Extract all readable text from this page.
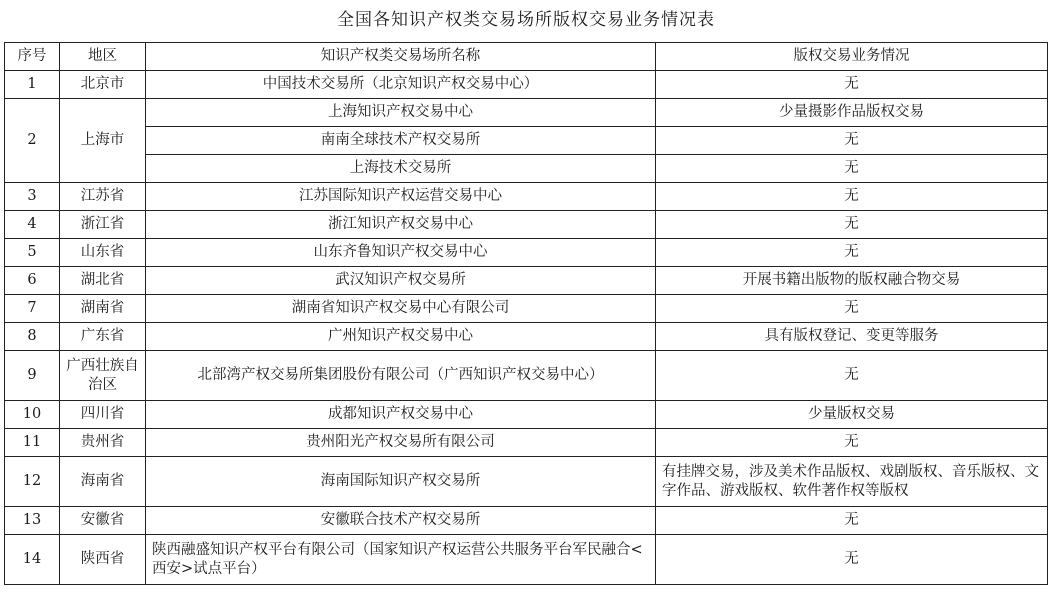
全国各知识产权类交易场所版权交易业务情况表
序号	地区	知识产权类交易场所名称	版权交易业务情况
1	北京市	中国技术交易所（北京知识产权交易中心）	无
2	上海市	上海知识产权交易中心	少量摄影作品版权交易
		南南全球技术产权交易所	无
		上海技术交易所	无
3	江苏省	江苏国际知识产权运营交易中心	无
4	浙江省	浙江知识产权交易中心	无
5	山东省	山东齐鲁知识产权交易中心	无
6	湖北省	武汉知识产权交易所	开展书籍出版物的版权融合物交易
7	湖南省	湖南省知识产权交易中心有限公司	无
8	广东省	广州知识产权交易中心	具有版权登记、变更等服务
9	广西壮族自治区	北部湾产权交易所集团股份有限公司（广西知识产权交易中心）	无
10	四川省	成都知识产权交易中心	少量版权交易
11	贵州省	贵州阳光产权交易所有限公司	无
12	海南省	海南国际知识产权交易所	有挂牌交易，涉及美术作品版权、戏剧版权、音乐版权、文字作品、游戏版权、软件著作权等版权
13	安徽省	安徽联合技术产权交易所	无
14	陕西省	陕西融盛知识产权平台有限公司（国家知识产权运营公共服务平台军民融合<西安>试点平台）	无
